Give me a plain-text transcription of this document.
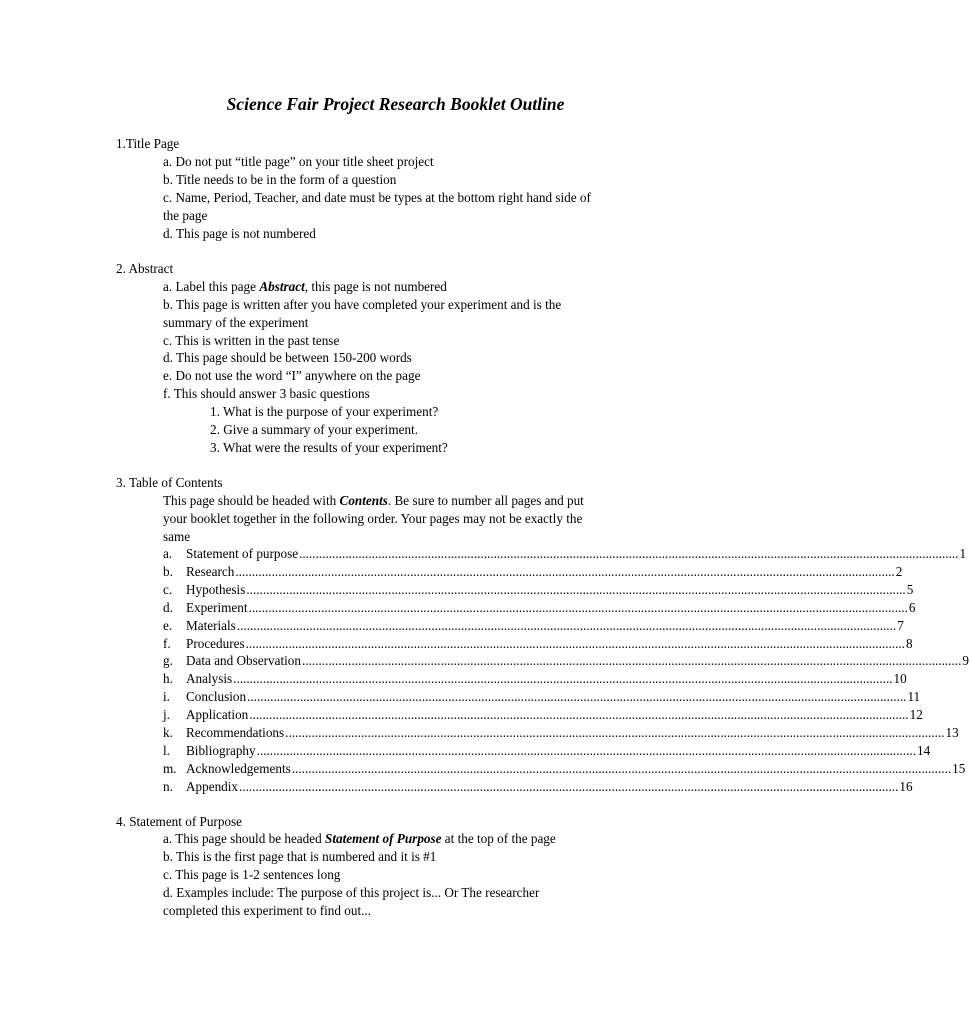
Science Fair Project Research Booklet Outline
1.Title Page
a. Do not put “title page” on your title sheet project
b. Title needs to be in the form of a question
c. Name, Period, Teacher, and date must be types at the bottom right hand side of
the page
d. This page is not numbered
2. Abstract
a. Label this page Abstract, this page is not numbered
b. This page is written after you have completed your experiment and is the
summary of the experiment
c. This is written in the past tense
d. This page should be between 150-200 words
e. Do not use the word “I” anywhere on the page
f. This should answer 3 basic questions
1. What is the purpose of your experiment?
2. Give a summary of your experiment.
3. What were the results of your experiment?
3. Table of Contents
This page should be headed with Contents. Be sure to number all pages and put
your booklet together in the following order. Your pages may not be exactly the
same
a.	Statement of purpose ........................................................................................................................................................................................................ 1
b. Research ........................................................................................................................................................................................................ 2
c.	Hypothesis ........................................................................................................................................................................................................ 5
d. Experiment ........................................................................................................................................................................................................ 6
e.	Materials ........................................................................................................................................................................................................ 7
f.	Procedures ........................................................................................................................................................................................................ 8
g. Data and Observation ........................................................................................................................................................................................................ 9
h. Analysis ........................................................................................................................................................................................................ 10
i.	Conclusion ........................................................................................................................................................................................................ 11
j.	Application ........................................................................................................................................................................................................ 12
k. Recommendations ........................................................................................................................................................................................................ 13
l.	Bibliography ........................................................................................................................................................................................................ 14
m. Acknowledgements ........................................................................................................................................................................................................ 15
n. Appendix ........................................................................................................................................................................................................ 16
4. Statement of Purpose
a. This page should be headed Statement of Purpose at the top of the page
b. This is the first page that is numbered and it is #1
c. This page is 1-2 sentences long
d. Examples include: The purpose of this project is... Or The researcher
completed this experiment to find out...
